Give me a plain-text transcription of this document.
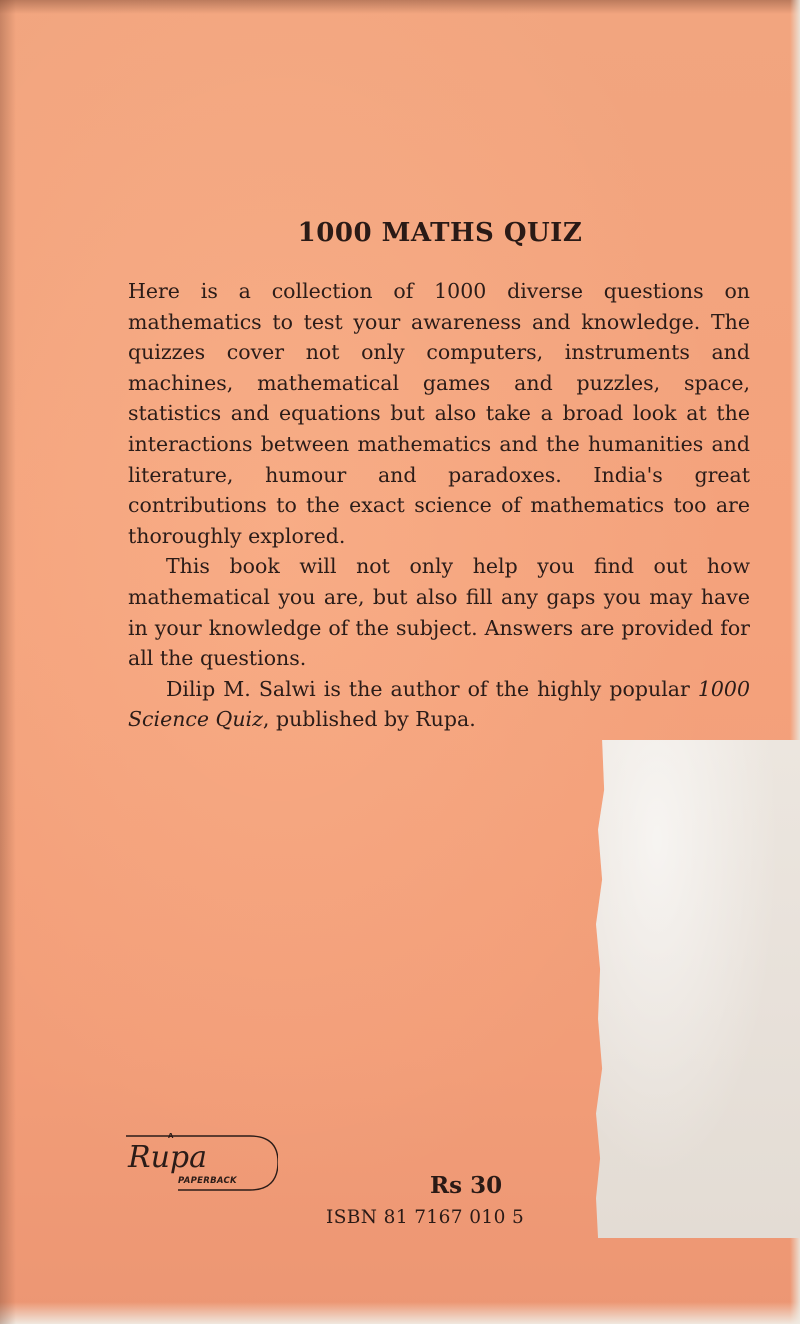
1000 MATHS QUIZ

Here is a collection of 1000 diverse questions on mathematics to test your awareness and knowledge. The quizzes cover not only computers, instruments and machines, mathematical games and puzzles, space, statistics and equations but also take a broad look at the interactions between mathematics and the humanities and literature, humour and paradoxes. India's great contributions to the exact science of mathematics too are thoroughly explored.

This book will not only help you find out how mathematical you are, but also fill any gaps you may have in your knowledge of the subject. Answers are provided for all the questions.

Dilip M. Salwi is the author of the highly popular 1000 Science Quiz, published by Rupa.

A
Rupa
PAPERBACK	Rs 30
ISBN 81 7167 010 5
